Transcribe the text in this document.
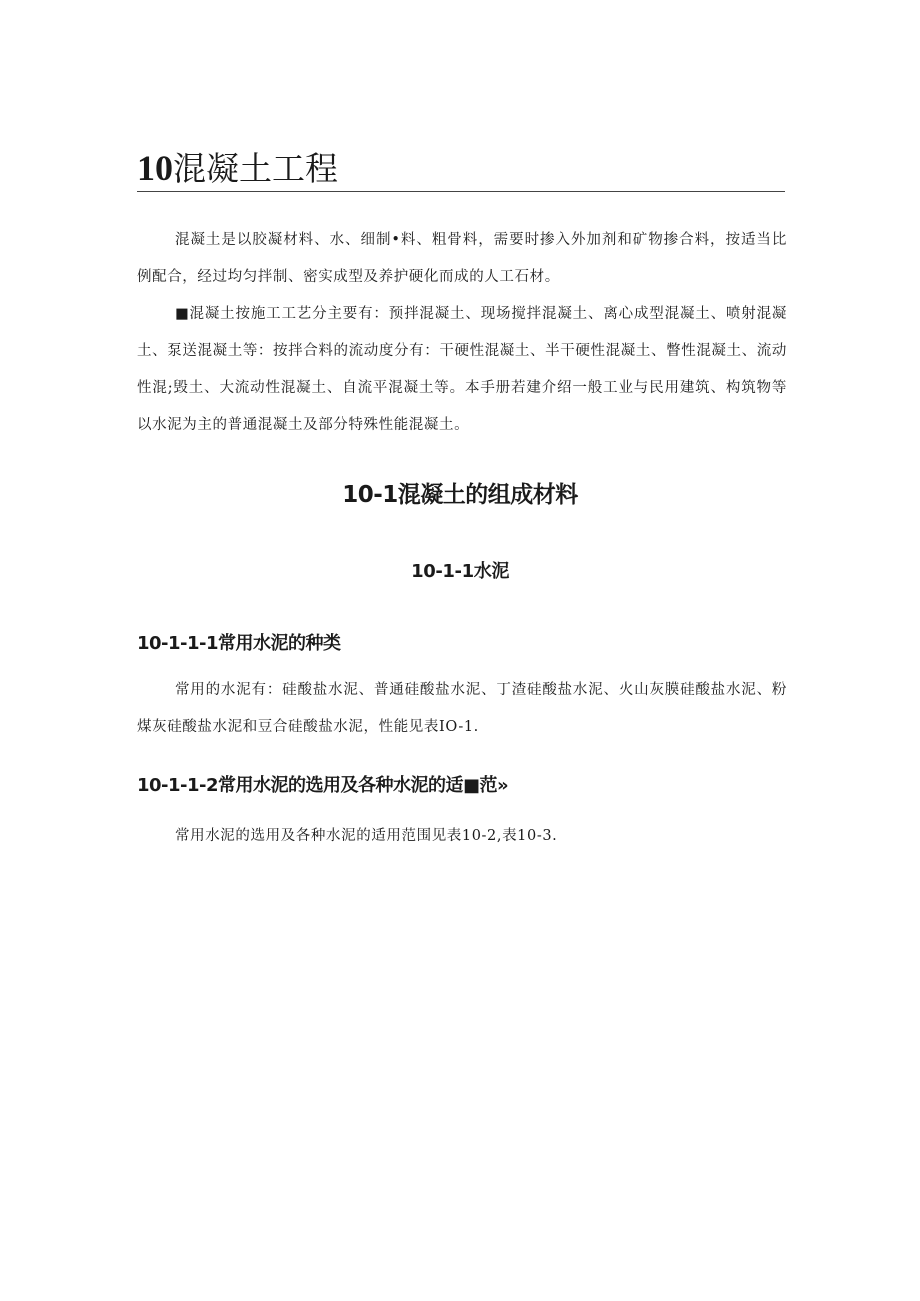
10混凝土工程

混凝土是以胶凝材料、水、细制•料、粗骨料，需要时掺入外加剂和矿物掺合料，按适当比例配合，经过均匀拌制、密实成型及养护硬化而成的人工石材。

■混凝土按施工工艺分主要有：预拌混凝土、现场搅拌混凝土、离心成型混凝土、喷射混凝土、泵送混凝土等：按拌合料的流动度分有：干硬性混凝土、半干硬性混凝土、瞥性混凝土、流动性混;毁土、大流动性混凝土、自流平混凝土等。本手册若建介绍一般工业与民用建筑、构筑物等以水泥为主的普通混凝土及部分特殊性能混凝土。

10-1混凝土的组成材料
10-1-1水泥
10-1-1-1常用水泥的种类

常用的水泥有：硅酸盐水泥、普通硅酸盐水泥、丁渣硅酸盐水泥、火山灰膜硅酸盐水泥、粉煤灰硅酸盐水泥和豆合硅酸盐水泥，性能见表IO-1.

10-1-1-2常用水泥的选用及各种水泥的适■范»

常用水泥的选用及各种水泥的适用范围见表10-2,表10-3.
